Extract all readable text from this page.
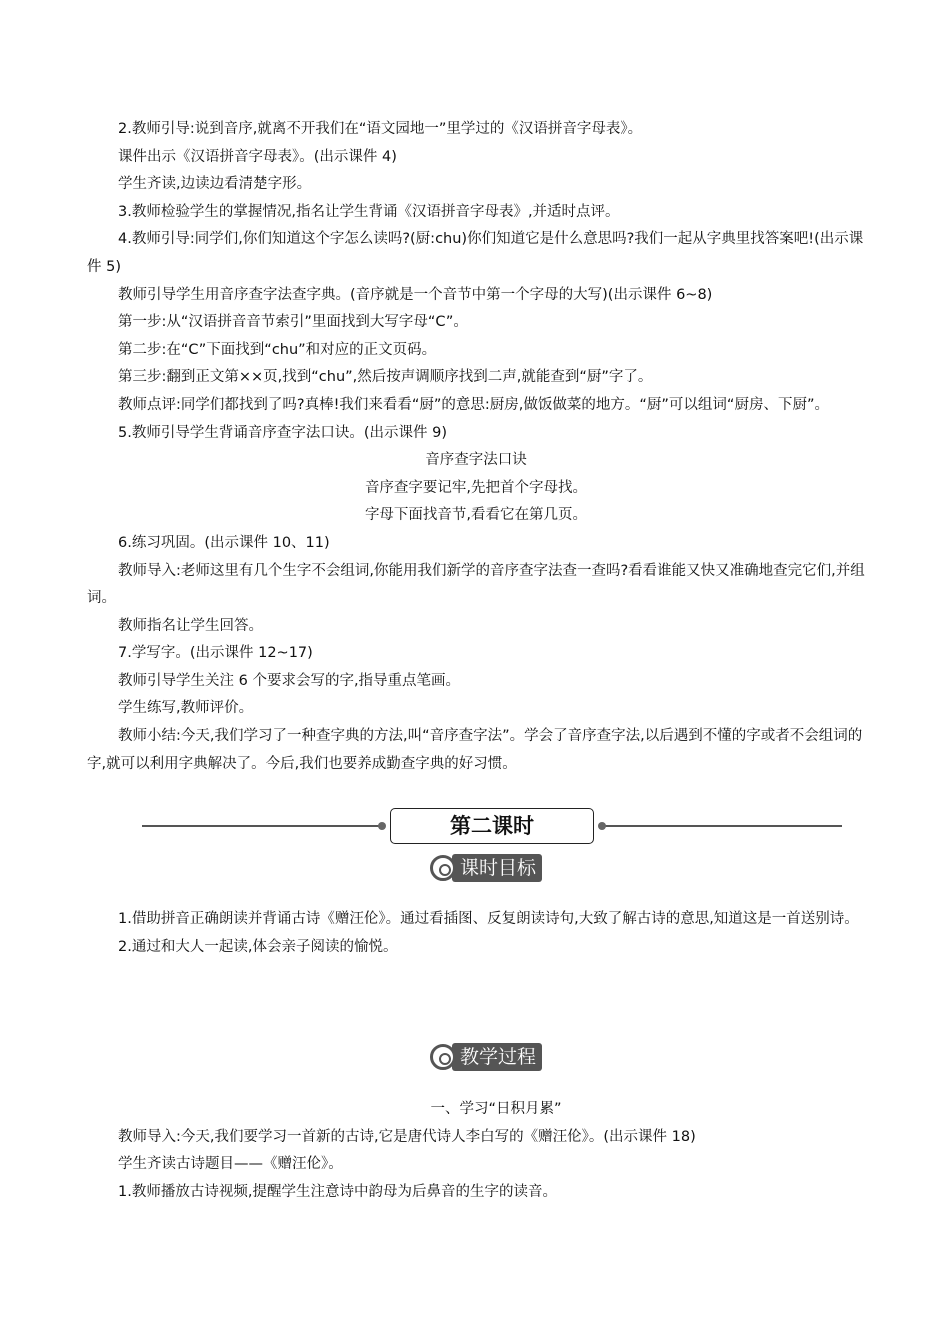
2.教师引导:说到音序,就离不开我们在“语文园地一”里学过的《汉语拼音字母表》。

课件出示《汉语拼音字母表》。(出示课件 4)

学生齐读,边读边看清楚字形。

3.教师检验学生的掌握情况,指名让学生背诵《汉语拼音字母表》,并适时点评。

4.教师引导:同学们,你们知道这个字怎么读吗?(厨:chu)你们知道它是什么意思吗?我们一起从字典里找答案吧!(出示课件 5)

教师引导学生用音序查字法查字典。(音序就是一个音节中第一个字母的大写)(出示课件 6~8)

第一步:从“汉语拼音音节索引”里面找到大写字母“C”。

第二步:在“C”下面找到“chu”和对应的正文页码。

第三步:翻到正文第××页,找到“chu”,然后按声调顺序找到二声,就能查到“厨”字了。

教师点评:同学们都找到了吗?真棒!我们来看看“厨”的意思:厨房,做饭做菜的地方。“厨”可以组词“厨房、下厨”。

5.教师引导学生背诵音序查字法口诀。(出示课件 9)

音序查字法口诀

音序查字要记牢,先把首个字母找。

字母下面找音节,看看它在第几页。

6.练习巩固。(出示课件 10、11)

教师导入:老师这里有几个生字不会组词,你能用我们新学的音序查字法查一查吗?看看谁能又快又准确地查完它们,并组词。

教师指名让学生回答。

7.学写字。(出示课件 12~17)

教师引导学生关注 6 个要求会写的字,指导重点笔画。

学生练写,教师评价。

教师小结:今天,我们学习了一种查字典的方法,叫“音序查字法”。学会了音序查字法,以后遇到不懂的字或者不会组词的字,就可以利用字典解决了。今后,我们也要养成勤查字典的好习惯。

第二课时
课时目标

1.借助拼音正确朗读并背诵古诗《赠汪伦》。通过看插图、反复朗读诗句,大致了解古诗的意思,知道这是一首送别诗。

2.通过和大人一起读,体会亲子阅读的愉悦。

教学过程

一、学习“日积月累”

教师导入:今天,我们要学习一首新的古诗,它是唐代诗人李白写的《赠汪伦》。(出示课件 18)

学生齐读古诗题目——《赠汪伦》。

1.教师播放古诗视频,提醒学生注意诗中韵母为后鼻音的生字的读音。
